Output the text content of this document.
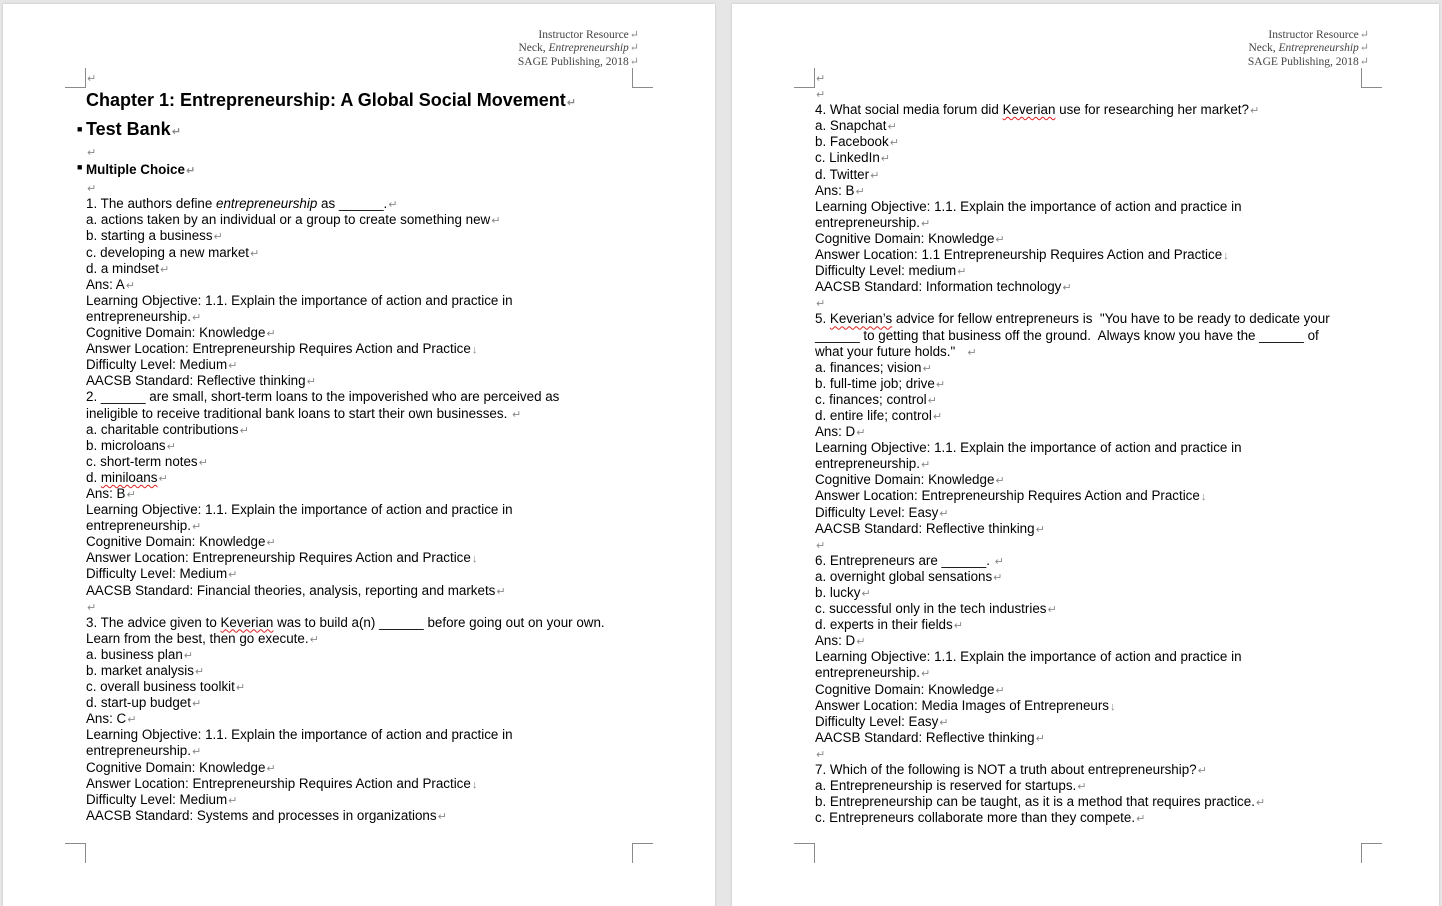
Instructor Resource↵
Neck, Entrepreneurship↵
SAGE Publishing, 2018↵
↵
Chapter 1: Entrepreneurship: A Global Social Movement↵
■ Test Bank↵
↵
■ Multiple Choice↵
↵
1. The authors define entrepreneurship as ______.↵
a. actions taken by an individual or a group to create something new↵
b. starting a business↵
c. developing a new market↵
d. a mindset↵
Ans: A↵
Learning Objective: 1.1. Explain the importance of action and practice in
entrepreneurship.↵
Cognitive Domain: Knowledge↵
Answer Location: Entrepreneurship Requires Action and Practice↓
Difficulty Level: Medium↵
AACSB Standard: Reflective thinking↵
2. ______ are small, short-term loans to the impoverished who are perceived as
ineligible to receive traditional bank loans to start their own businesses. ↵
a. charitable contributions↵
b. microloans↵
c. short-term notes↵
d. miniloans↵
Ans: B↵
Learning Objective: 1.1. Explain the importance of action and practice in
entrepreneurship.↵
Cognitive Domain: Knowledge↵
Answer Location: Entrepreneurship Requires Action and Practice↓
Difficulty Level: Medium↵
AACSB Standard: Financial theories, analysis, reporting and markets↵
↵
3. The advice given to Keverian was to build a(n) ______ before going out on your own.
Learn from the best, then go execute.↵
a. business plan↵
b. market analysis↵
c. overall business toolkit↵
d. start-up budget↵
Ans: C↵
Learning Objective: 1.1. Explain the importance of action and practice in
entrepreneurship.↵
Cognitive Domain: Knowledge↵
Answer Location: Entrepreneurship Requires Action and Practice↓
Difficulty Level: Medium↵
AACSB Standard: Systems and processes in organizations↵
Instructor Resource↵
Neck, Entrepreneurship↵
SAGE Publishing, 2018↵
↵
↵
4. What social media forum did Keverian use for researching her market?↵
a. Snapchat↵
b. Facebook↵
c. LinkedIn↵
d. Twitter↵
Ans: B↵
Learning Objective: 1.1. Explain the importance of action and practice in
entrepreneurship.↵
Cognitive Domain: Knowledge↵
Answer Location: 1.1 Entrepreneurship Requires Action and Practice↓
Difficulty Level: medium↵
AACSB Standard: Information technology↵
↵
5. Keverian’s advice for fellow entrepreneurs is  "You have to be ready to dedicate your
______ to getting that business off the ground.  Always know you have the ______ of
what your future holds."   ↵
a. finances; vision↵
b. full-time job; drive↵
c. finances; control↵
d. entire life; control↵
Ans: D↵
Learning Objective: 1.1. Explain the importance of action and practice in
entrepreneurship.↵
Cognitive Domain: Knowledge↵
Answer Location: Entrepreneurship Requires Action and Practice↓
Difficulty Level: Easy↵
AACSB Standard: Reflective thinking↵
↵
6. Entrepreneurs are ______. ↵
a. overnight global sensations↵
b. lucky↵
c. successful only in the tech industries↵
d. experts in their fields↵
Ans: D↵
Learning Objective: 1.1. Explain the importance of action and practice in
entrepreneurship.↵
Cognitive Domain: Knowledge↵
Answer Location: Media Images of Entrepreneurs↓
Difficulty Level: Easy↵
AACSB Standard: Reflective thinking↵
↵
7. Which of the following is NOT a truth about entrepreneurship?↵
a. Entrepreneurship is reserved for startups.↵
b. Entrepreneurship can be taught, as it is a method that requires practice.↵
c. Entrepreneurs collaborate more than they compete.↵
